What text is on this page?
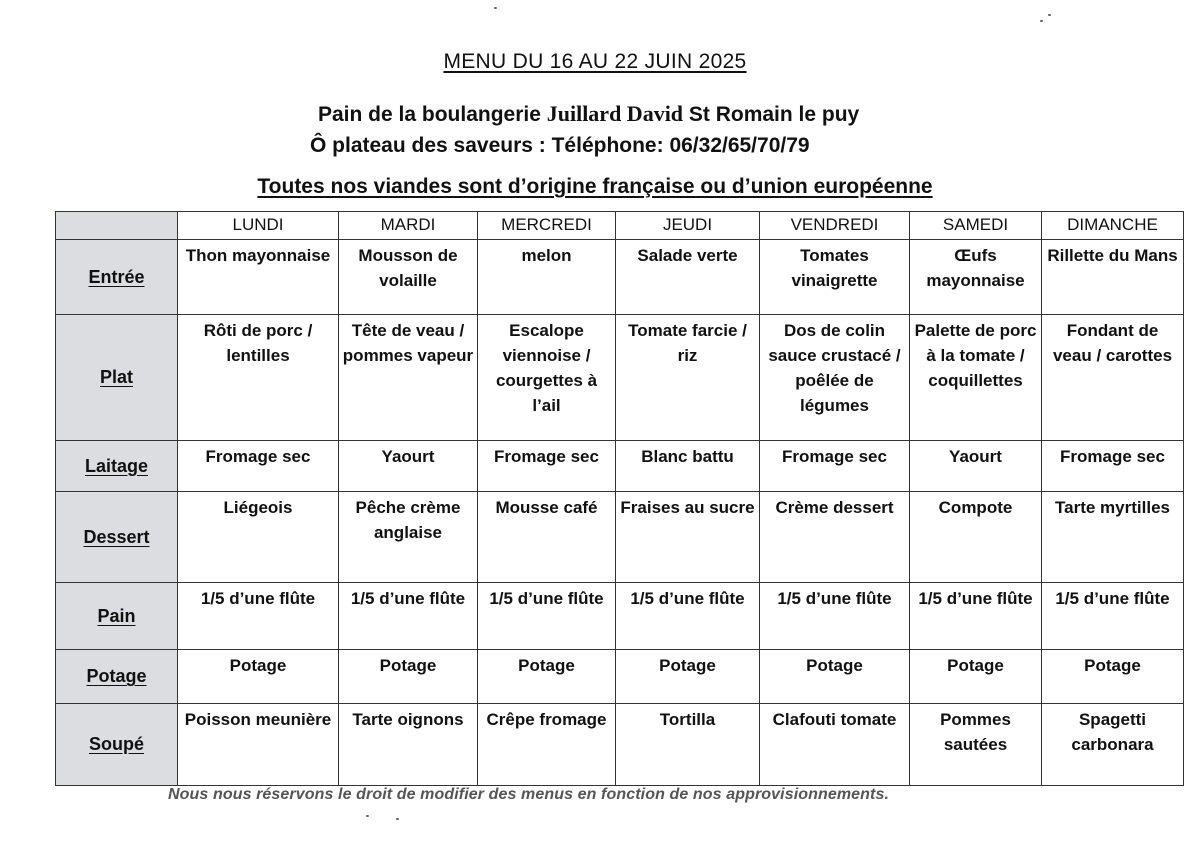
MENU DU 16 AU 22 JUIN 2025
Pain de la boulangerie Juillard David St Romain le puy
Ô plateau des saveurs : Téléphone: 06/32/65/70/79
Toutes nos viandes sont d’origine française ou d’union européenne
	LUNDI	MARDI	MERCREDI	JEUDI	VENDREDI	SAMEDI	DIMANCHE
Entrée	Thon mayonnaise	Mousson de volaille	melon	Salade verte	Tomates vinaigrette	Œufs mayonnaise	Rillette du Mans
Plat	Rôti de porc / lentilles	Tête de veau / pommes vapeur	Escalope viennoise / courgettes à l’ail	Tomate farcie / riz	Dos de colin sauce crustacé / poêlée de légumes	Palette de porc à la tomate / coquillettes	Fondant de veau / carottes
Laitage	Fromage sec	Yaourt	Fromage sec	Blanc battu	Fromage sec	Yaourt	Fromage sec
Dessert	Liégeois	Pêche crème anglaise	Mousse café	Fraises au sucre	Crème dessert	Compote	Tarte myrtilles
Pain	1/5 d’une flûte	1/5 d’une flûte	1/5 d’une flûte	1/5 d’une flûte	1/5 d’une flûte	1/5 d’une flûte	1/5 d’une flûte
Potage	Potage	Potage	Potage	Potage	Potage	Potage	Potage
Soupé	Poisson meunière	Tarte oignons	Crêpe fromage	Tortilla	Clafouti tomate	Pommes sautées	Spagetti carbonara
Nous nous réservons le droit de modifier des menus en fonction de nos approvisionnements.
